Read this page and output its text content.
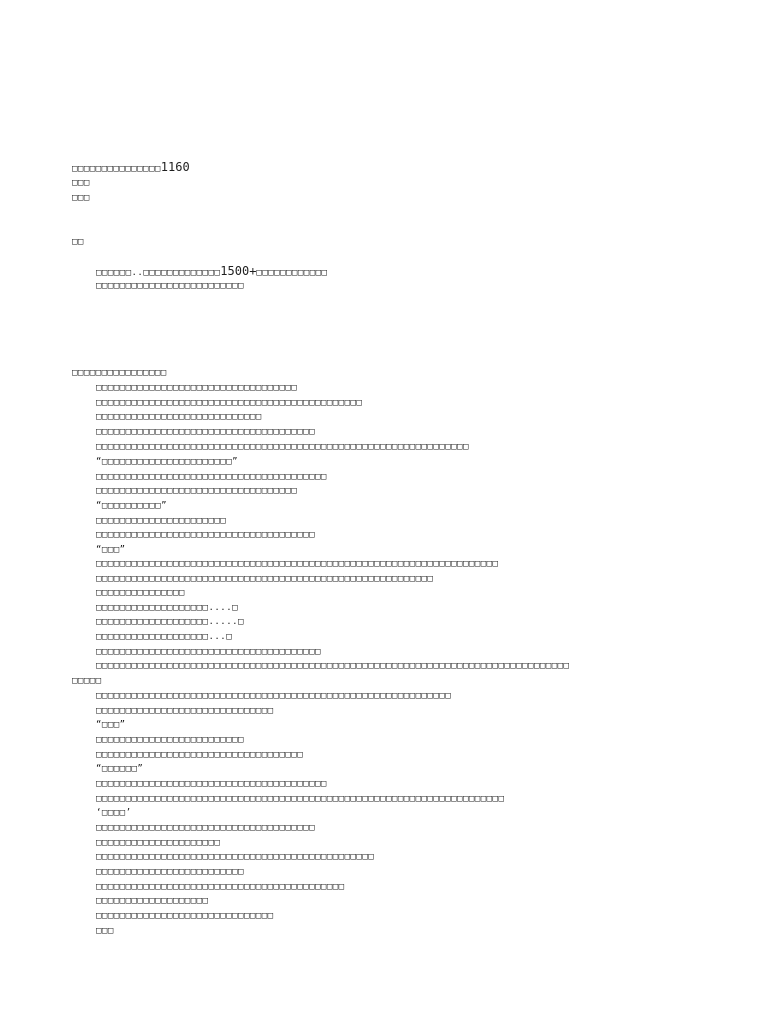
□□□□□□□□□□□□□□□1160
□□□
□□□
□□
□□□□□□..□□□□□□□□□□□□□1500+□□□□□□□□□□□□
□□□□□□□□□□□□□□□□□□□□□□□□□
□□□□□□□□□□□□□□□□
□□□□□□□□□□□□□□□□□□□□□□□□□□□□□□□□□□
□□□□□□□□□□□□□□□□□□□□□□□□□□□□□□□□□□□□□□□□□□□□□
□□□□□□□□□□□□□□□□□□□□□□□□□□□□
□□□□□□□□□□□□□□□□□□□□□□□□□□□□□□□□□□□□□
□□□□□□□□□□□□□□□□□□□□□□□□□□□□□□□□□□□□□□□□□□□□□□□□□□□□□□□□□□□□□□□
“□□□□□□□□□□□□□□□□□□□□□□”
□□□□□□□□□□□□□□□□□□□□□□□□□□□□□□□□□□□□□□□
□□□□□□□□□□□□□□□□□□□□□□□□□□□□□□□□□□
“□□□□□□□□□□”
□□□□□□□□□□□□□□□□□□□□□□
□□□□□□□□□□□□□□□□□□□□□□□□□□□□□□□□□□□□□
“□□□”
□□□□□□□□□□□□□□□□□□□□□□□□□□□□□□□□□□□□□□□□□□□□□□□□□□□□□□□□□□□□□□□□□□□□
□□□□□□□□□□□□□□□□□□□□□□□□□□□□□□□□□□□□□□□□□□□□□□□□□□□□□□□□□
□□□□□□□□□□□□□□□
□□□□□□□□□□□□□□□□□□□....□
□□□□□□□□□□□□□□□□□□□.....□
□□□□□□□□□□□□□□□□□□□...□
□□□□□□□□□□□□□□□□□□□□□□□□□□□□□□□□□□□□□□
□□□□□□□□□□□□□□□□□□□□□□□□□□□□□□□□□□□□□□□□□□□□□□□□□□□□□□□□□□□□□□□□□□□□□□□□□□□□□□□□
□□□□□
□□□□□□□□□□□□□□□□□□□□□□□□□□□□□□□□□□□□□□□□□□□□□□□□□□□□□□□□□□□□
□□□□□□□□□□□□□□□□□□□□□□□□□□□□□□
“□□□”
□□□□□□□□□□□□□□□□□□□□□□□□□
□□□□□□□□□□□□□□□□□□□□□□□□□□□□□□□□□□□
“□□□□□□”
□□□□□□□□□□□□□□□□□□□□□□□□□□□□□□□□□□□□□□□
□□□□□□□□□□□□□□□□□□□□□□□□□□□□□□□□□□□□□□□□□□□□□□□□□□□□□□□□□□□□□□□□□□□□□
‘□□□□’
□□□□□□□□□□□□□□□□□□□□□□□□□□□□□□□□□□□□□
□□□□□□□□□□□□□□□□□□□□□
□□□□□□□□□□□□□□□□□□□□□□□□□□□□□□□□□□□□□□□□□□□□□□□
□□□□□□□□□□□□□□□□□□□□□□□□□
□□□□□□□□□□□□□□□□□□□□□□□□□□□□□□□□□□□□□□□□□□
□□□□□□□□□□□□□□□□□□□
□□□□□□□□□□□□□□□□□□□□□□□□□□□□□□
□□□
